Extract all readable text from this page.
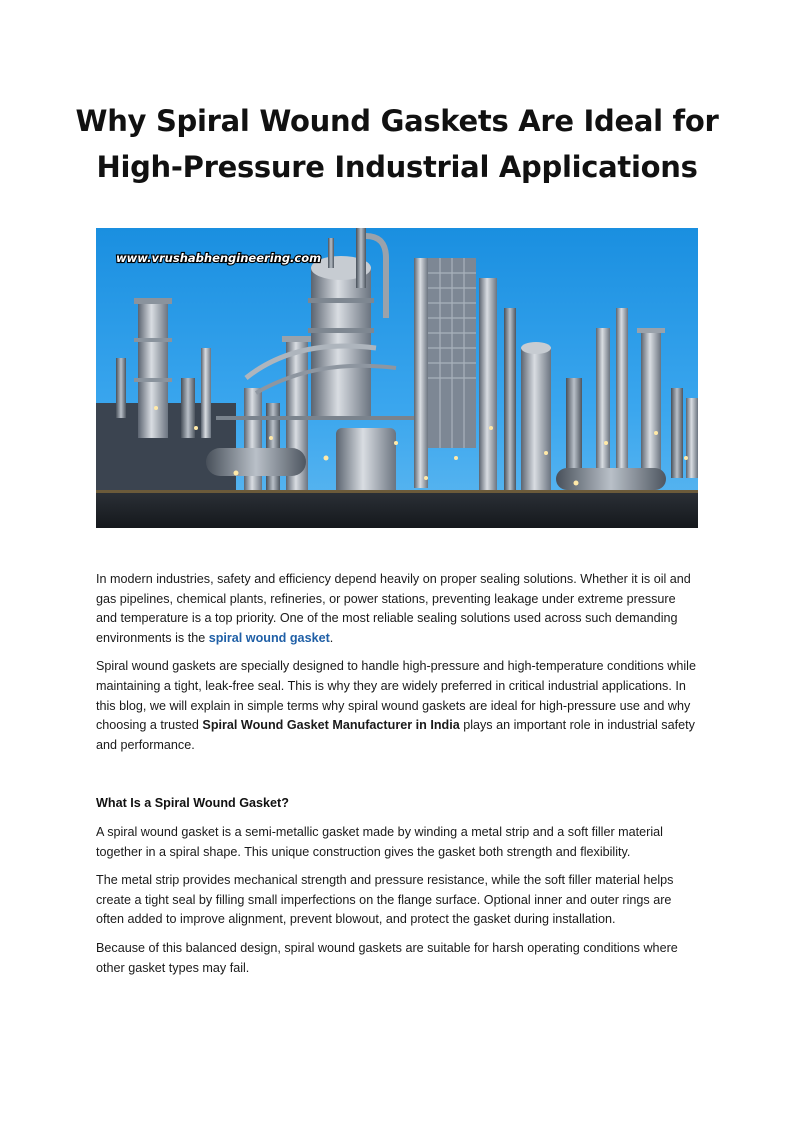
Why Spiral Wound Gaskets Are Ideal for
High-Pressure Industrial Applications
www.vrushabhengineering.com

In modern industries, safety and efficiency depend heavily on proper sealing solutions. Whether it is oil and gas pipelines, chemical plants, refineries, or power stations, preventing leakage under extreme pressure and temperature is a top priority. One of the most reliable sealing solutions used across such demanding environments is the spiral wound gasket.

Spiral wound gaskets are specially designed to handle high-pressure and high-temperature conditions while maintaining a tight, leak-free seal. This is why they are widely preferred in critical industrial applications. In this blog, we will explain in simple terms why spiral wound gaskets are ideal for high-pressure use and why choosing a trusted Spiral Wound Gasket Manufacturer in India plays an important role in industrial safety and performance.

What Is a Spiral Wound Gasket?

A spiral wound gasket is a semi-metallic gasket made by winding a metal strip and a soft filler material together in a spiral shape. This unique construction gives the gasket both strength and flexibility.

The metal strip provides mechanical strength and pressure resistance, while the soft filler material helps create a tight seal by filling small imperfections on the flange surface. Optional inner and outer rings are often added to improve alignment, prevent blowout, and protect the gasket during installation.

Because of this balanced design, spiral wound gaskets are suitable for harsh operating conditions where other gasket types may fail.
